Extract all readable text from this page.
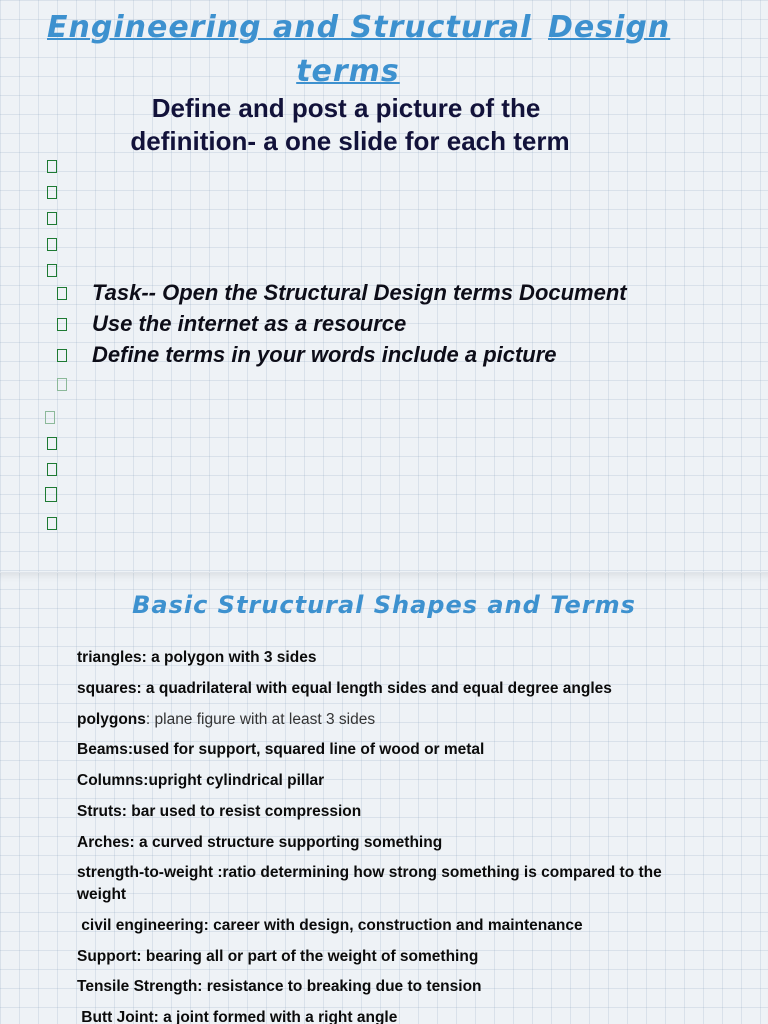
Engineering and Structural Design
terms
Define and post a picture of the
definition- a one slide for each term
Task-- Open the Structural Design terms Document
Use the internet as a resource
Define terms in your words include a picture
Basic Structural Shapes and Terms
triangles: a polygon with 3 sides
squares: a quadrilateral with equal length sides and equal degree angles
polygons: plane figure with at least 3 sides
Beams:used for support, squared line of wood or metal
Columns:upright cylindrical pillar
Struts: bar used to resist compression
Arches: a curved structure supporting something
strength-to-weight :ratio determining how strong something is compared to the weight
civil engineering: career with design, construction and maintenance
Support: bearing all or part of the weight of something
Tensile Strength: resistance to breaking due to tension
Butt Joint: a joint formed with a right angle
